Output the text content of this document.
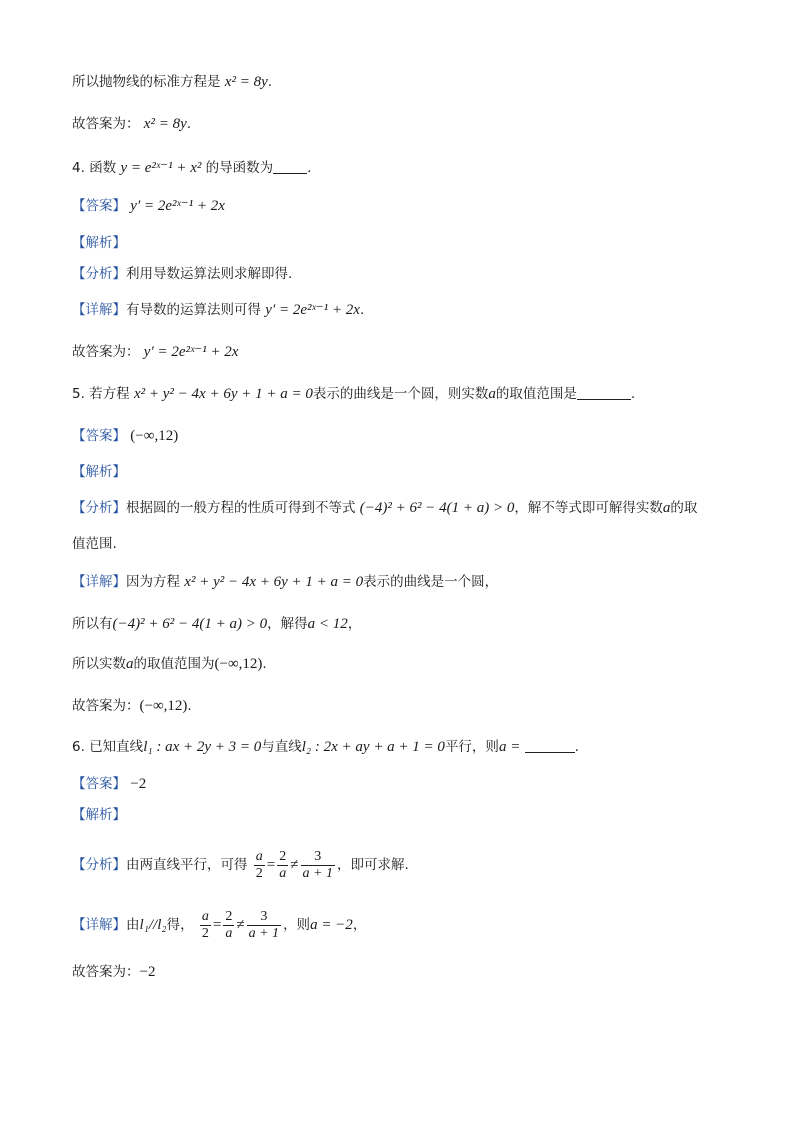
所以抛物线的标准方程是 x² = 8y.
故答案为： x² = 8y.
4. 函数 y = e²ˣ⁻¹ + x² 的导函数为	.
【答案】 y′ = 2e²ˣ⁻¹ + 2x
【解析】
【分析】利用导数运算法则求解即得.
【详解】有导数的运算法则可得 y′ = 2e²ˣ⁻¹ + 2x.
故答案为： y′ = 2e²ˣ⁻¹ + 2x
5. 若方程 x² + y² − 4x + 6y + 1 + a = 0表示的曲线是一个圆，则实数a的取值范围是	.
【答案】 (−∞,12)
【解析】
【分析】根据圆的一般方程的性质可得到不等式 (−4)² + 6² − 4(1 + a) > 0，解不等式即可解得实数a的取
值范围.
【详解】因为方程 x² + y² − 4x + 6y + 1 + a = 0表示的曲线是一个圆，
所以有(−4)² + 6² − 4(1 + a) > 0，解得a < 12，
所以实数a的取值范围为(−∞,12).
故答案为：(−∞,12).
6. 已知直线l₁ : ax + 2y + 3 = 0与直线l₂ : 2x + ay + a + 1 = 0平行，则a =	.
【答案】 −2
【解析】
【分析】由两直线平行，可得 $\frac{a}{2} = \frac{2}{a} \ne \frac{3}{a + 1}$ ，即可求解.
【详解】由l₁//l₂得， $\frac{a}{2} = \frac{2}{a} \ne \frac{3}{a + 1}$ ，则a = −2，
故答案为：−2
